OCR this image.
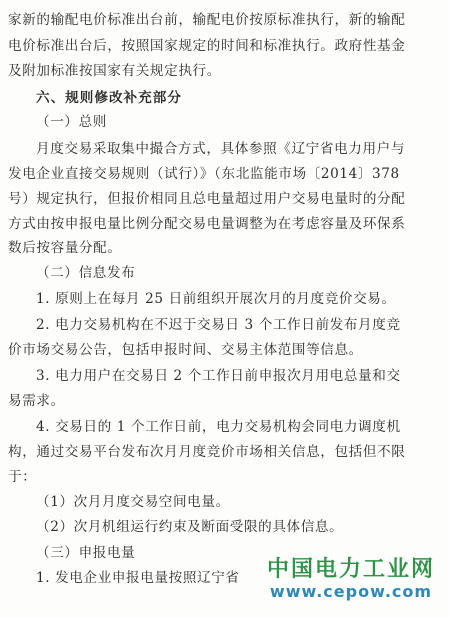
家新的输配电价标准出台前，输配电价按原标准执行，新的输配
电价标准出台后，按照国家规定的时间和标准执行。政府性基金
及附加标准按国家有关规定执行。
六、规则修改补充部分
（一）总则
月度交易采取集中撮合方式，具体参照《辽宁省电力用户与
发电企业直接交易规则（试行）》（东北监能市场〔2014〕378
号）规定执行，但报价相同且总电量超过用户交易电量时的分配
方式由按申报电量比例分配交易电量调整为在考虑容量及环保系
数后按容量分配。
（二）信息发布
1. 原则上在每月 25 日前组织开展次月的月度竞价交易。
2. 电力交易机构在不迟于交易日 3 个工作日前发布月度竞
价市场交易公告，包括申报时间、交易主体范围等信息。
3. 电力用户在交易日 2 个工作日前申报次月用电总量和交
易需求。
4. 交易日的 1 个工作日前，电力交易机构会同电力调度机
构，通过交易平台发布次月月度竞价市场相关信息，包括但不限
于：
（1）次月月度交易空间电量。
（2）次月机组运行约束及断面受限的具体信息。
（三）申报电量
1. 发电企业申报电量按照辽宁省 中国电力工业网
www.cepow.com
